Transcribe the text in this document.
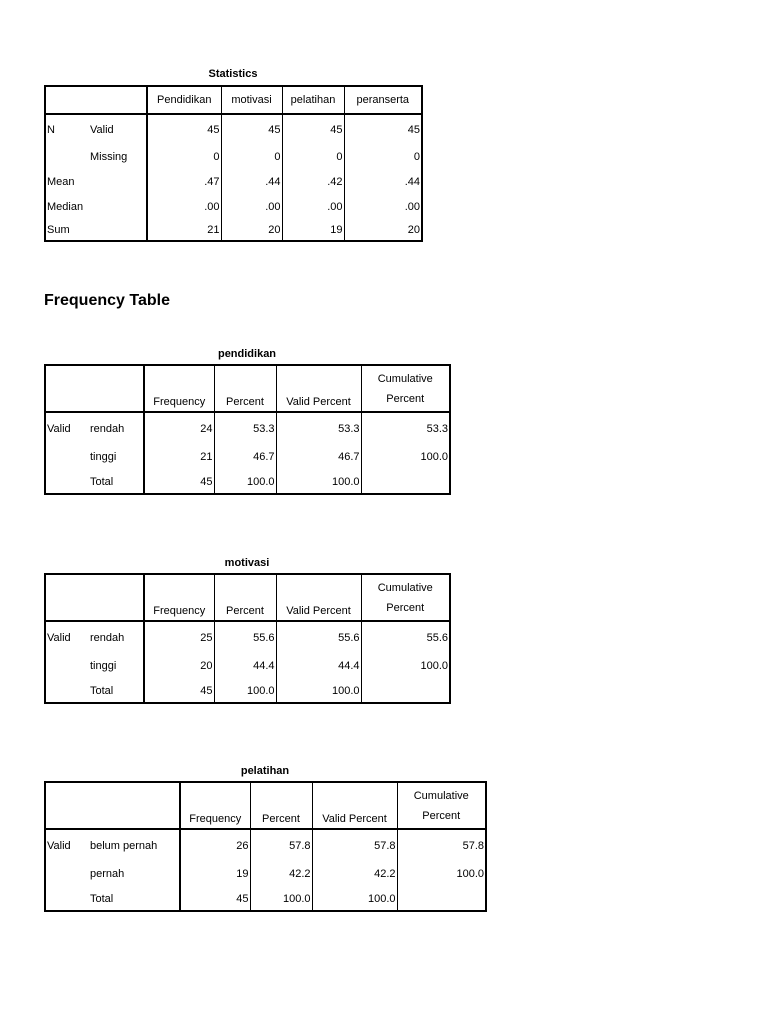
Statistics
		Pendidikan	motivasi	pelatihan	peranserta
N	Valid	45	45	45	45
	Missing	0	0	0	0
Mean		.47	.44	.42	.44
Median		.00	.00	.00	.00
Sum		21	20	19	20
Frequency Table
pendidikan
		Frequency	Percent	Valid Percent	Cumulative
Percent

Valid	rendah	24	53.3	53.3	53.3
	tinggi	21	46.7	46.7	100.0
	Total	45	100.0	100.0	
motivasi
		Frequency	Percent	Valid Percent	Cumulative
Percent

Valid	rendah	25	55.6	55.6	55.6
	tinggi	20	44.4	44.4	100.0
	Total	45	100.0	100.0	
pelatihan
		Frequency	Percent	Valid Percent	Cumulative
Percent

Valid	belum pernah	26	57.8	57.8	57.8
	pernah	19	42.2	42.2	100.0
	Total	45	100.0	100.0	
